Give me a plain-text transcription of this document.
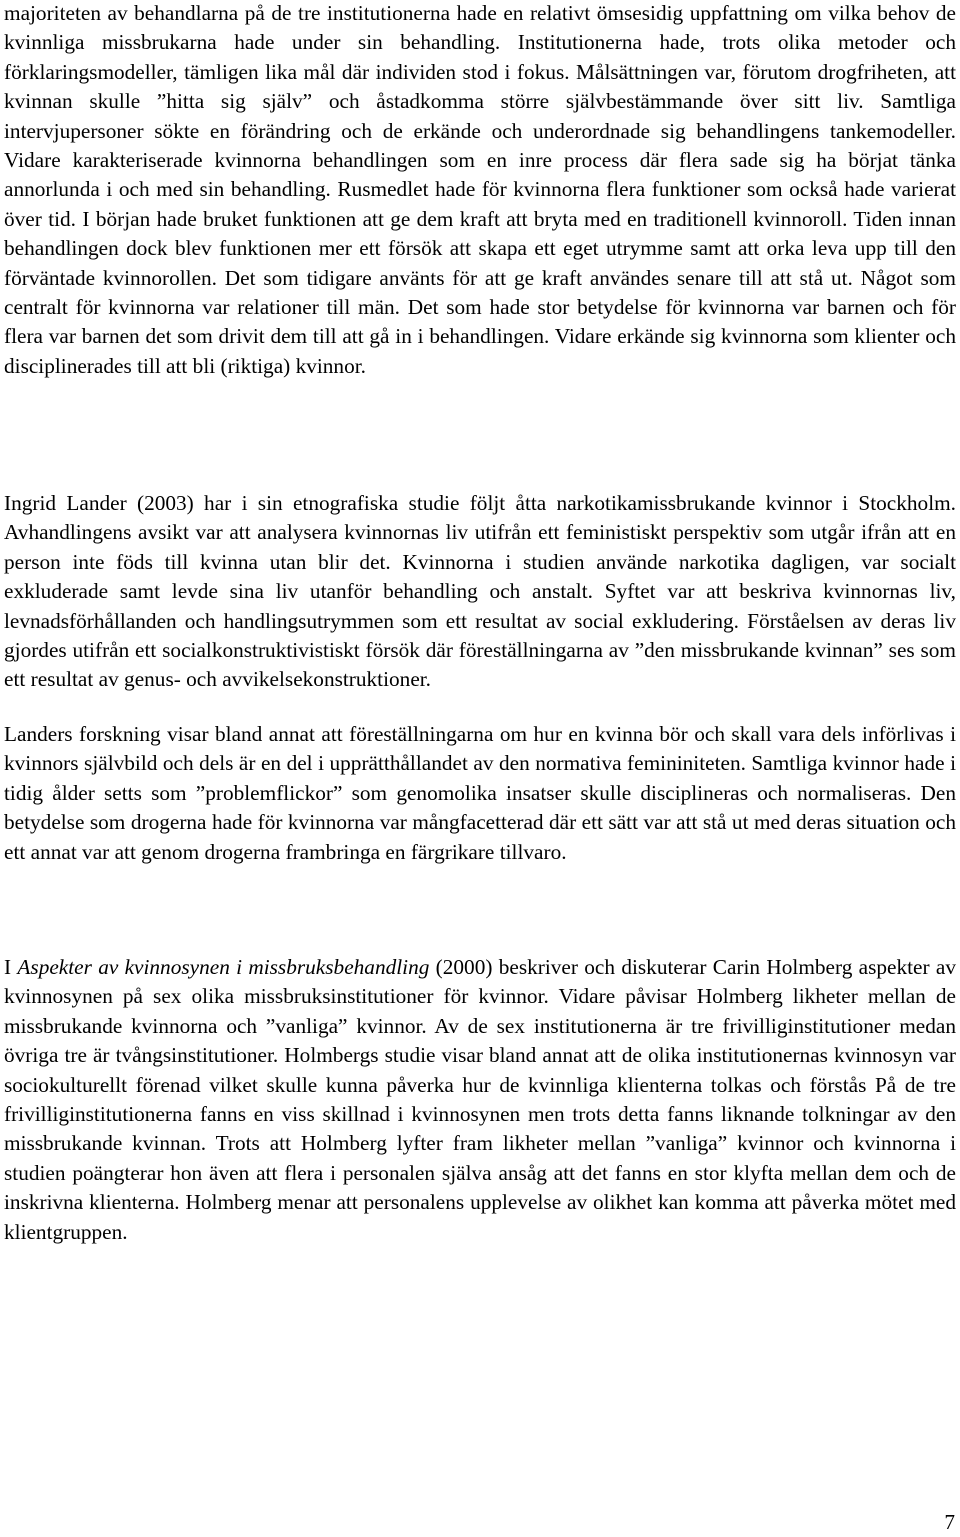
majoriteten av behandlarna på de tre institutionerna hade en relativt ömsesidig uppfattning om vilka behov de kvinnliga missbrukarna hade under sin behandling. Institutionerna hade, trots olika metoder och förklaringsmodeller, tämligen lika mål där individen stod i fokus. Målsättningen var, förutom drogfriheten, att kvinnan skulle ”hitta sig själv” och åstadkomma större självbestämmande över sitt liv. Samtliga intervjupersoner sökte en förändring och de erkände och underordnade sig behandlingens tankemodeller. Vidare karakteriserade kvinnorna behandlingen som en inre process där flera sade sig ha börjat tänka annorlunda i och med sin behandling. Rusmedlet hade för kvinnorna flera funktioner som också hade varierat över tid. I början hade bruket funktionen att ge dem kraft att bryta med en traditionell kvinnoroll. Tiden innan behandlingen dock blev funktionen mer ett försök att skapa ett eget utrymme samt att orka leva upp till den förväntade kvinnorollen. Det som tidigare använts för att ge kraft användes senare till att stå ut. Något som centralt för kvinnorna var relationer till män. Det som hade stor betydelse för kvinnorna var barnen och för flera var barnen det som drivit dem till att gå in i behandlingen. Vidare erkände sig kvinnorna som klienter och disciplinerades till att bli (riktiga) kvinnor.

Ingrid Lander (2003) har i sin etnografiska studie följt åtta narkotikamissbrukande kvinnor i Stockholm. Avhandlingens avsikt var att analysera kvinnornas liv utifrån ett feministiskt perspektiv som utgår ifrån att en person inte föds till kvinna utan blir det. Kvinnorna i studien använde narkotika dagligen, var socialt exkluderade samt levde sina liv utanför behandling och anstalt. Syftet var att beskriva kvinnornas liv, levnadsförhållanden och handlingsutrymmen som ett resultat av social exkludering. Förståelsen av deras liv gjordes utifrån ett socialkonstruktivistiskt försök där föreställningarna av ”den missbrukande kvinnan” ses som ett resultat av genus- och avvikelsekonstruktioner.

Landers forskning visar bland annat att föreställningarna om hur en kvinna bör och skall vara dels införlivas i kvinnors självbild och dels är en del i upprätthållandet av den normativa femininiteten. Samtliga kvinnor hade i tidig ålder setts som ”problemflickor” som genomolika insatser skulle disciplineras och normaliseras. Den betydelse som drogerna hade för kvinnorna var mångfacetterad där ett sätt var att stå ut med deras situation och ett annat var att genom drogerna frambringa en färgrikare tillvaro.

I Aspekter av kvinnosynen i missbruksbehandling (2000) beskriver och diskuterar Carin Holmberg aspekter av kvinnosynen på sex olika missbruksinstitutioner för kvinnor. Vidare påvisar Holmberg likheter mellan de missbrukande kvinnorna och ”vanliga” kvinnor. Av de sex institutionerna är tre frivilliginstitutioner medan övriga tre är tvångsinstitutioner. Holmbergs studie visar bland annat att de olika institutionernas kvinnosyn var sociokulturellt förenad vilket skulle kunna påverka hur de kvinnliga klienterna tolkas och förstås På de tre frivilliginstitutionerna fanns en viss skillnad i kvinnosynen men trots detta fanns liknande tolkningar av den missbrukande kvinnan. Trots att Holmberg lyfter fram likheter mellan ”vanliga” kvinnor och kvinnorna i studien poängterar hon även att flera i personalen själva ansåg att det fanns en stor klyfta mellan dem och de inskrivna klienterna. Holmberg menar att personalens upplevelse av olikhet kan komma att påverka mötet med klientgruppen.

7
